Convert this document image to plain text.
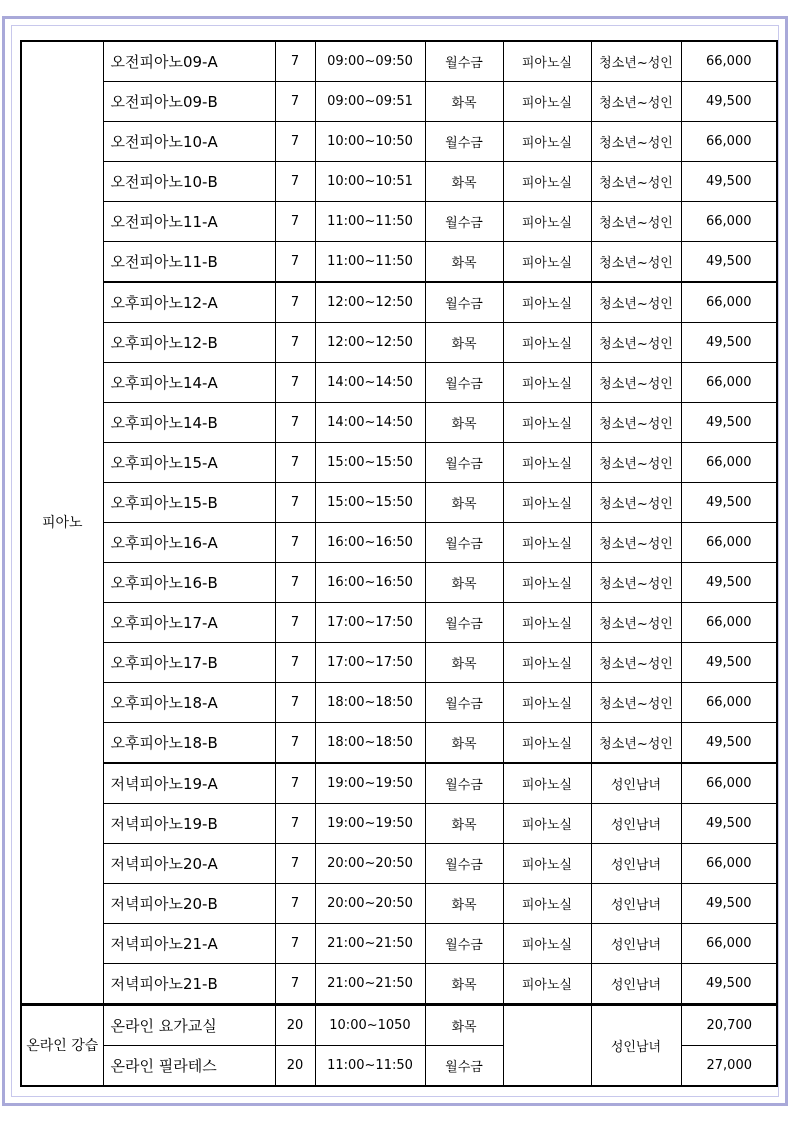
피아노	오전피아노09-A	7	09:00~09:50	월수금	피아노실	청소년~성인	66,000
	오전피아노09-B	7	09:00~09:51	화목	피아노실	청소년~성인	49,500
	오전피아노10-A	7	10:00~10:50	월수금	피아노실	청소년~성인	66,000
	오전피아노10-B	7	10:00~10:51	화목	피아노실	청소년~성인	49,500
	오전피아노11-A	7	11:00~11:50	월수금	피아노실	청소년~성인	66,000
	오전피아노11-B	7	11:00~11:50	화목	피아노실	청소년~성인	49,500
	오후피아노12-A	7	12:00~12:50	월수금	피아노실	청소년~성인	66,000
	오후피아노12-B	7	12:00~12:50	화목	피아노실	청소년~성인	49,500
	오후피아노14-A	7	14:00~14:50	월수금	피아노실	청소년~성인	66,000
	오후피아노14-B	7	14:00~14:50	화목	피아노실	청소년~성인	49,500
	오후피아노15-A	7	15:00~15:50	월수금	피아노실	청소년~성인	66,000
	오후피아노15-B	7	15:00~15:50	화목	피아노실	청소년~성인	49,500
	오후피아노16-A	7	16:00~16:50	월수금	피아노실	청소년~성인	66,000
	오후피아노16-B	7	16:00~16:50	화목	피아노실	청소년~성인	49,500
	오후피아노17-A	7	17:00~17:50	월수금	피아노실	청소년~성인	66,000
	오후피아노17-B	7	17:00~17:50	화목	피아노실	청소년~성인	49,500
	오후피아노18-A	7	18:00~18:50	월수금	피아노실	청소년~성인	66,000
	오후피아노18-B	7	18:00~18:50	화목	피아노실	청소년~성인	49,500
	저녁피아노19-A	7	19:00~19:50	월수금	피아노실	성인남녀	66,000
	저녁피아노19-B	7	19:00~19:50	화목	피아노실	성인남녀	49,500
	저녁피아노20-A	7	20:00~20:50	월수금	피아노실	성인남녀	66,000
	저녁피아노20-B	7	20:00~20:50	화목	피아노실	성인남녀	49,500
	저녁피아노21-A	7	21:00~21:50	월수금	피아노실	성인남녀	66,000
	저녁피아노21-B	7	21:00~21:50	화목	피아노실	성인남녀	49,500
온라인 강습	온라인 요가교실	20	10:00~1050	화목		성인남녀	20,700
	온라인 필라테스	20	11:00~11:50	월수금			27,000
